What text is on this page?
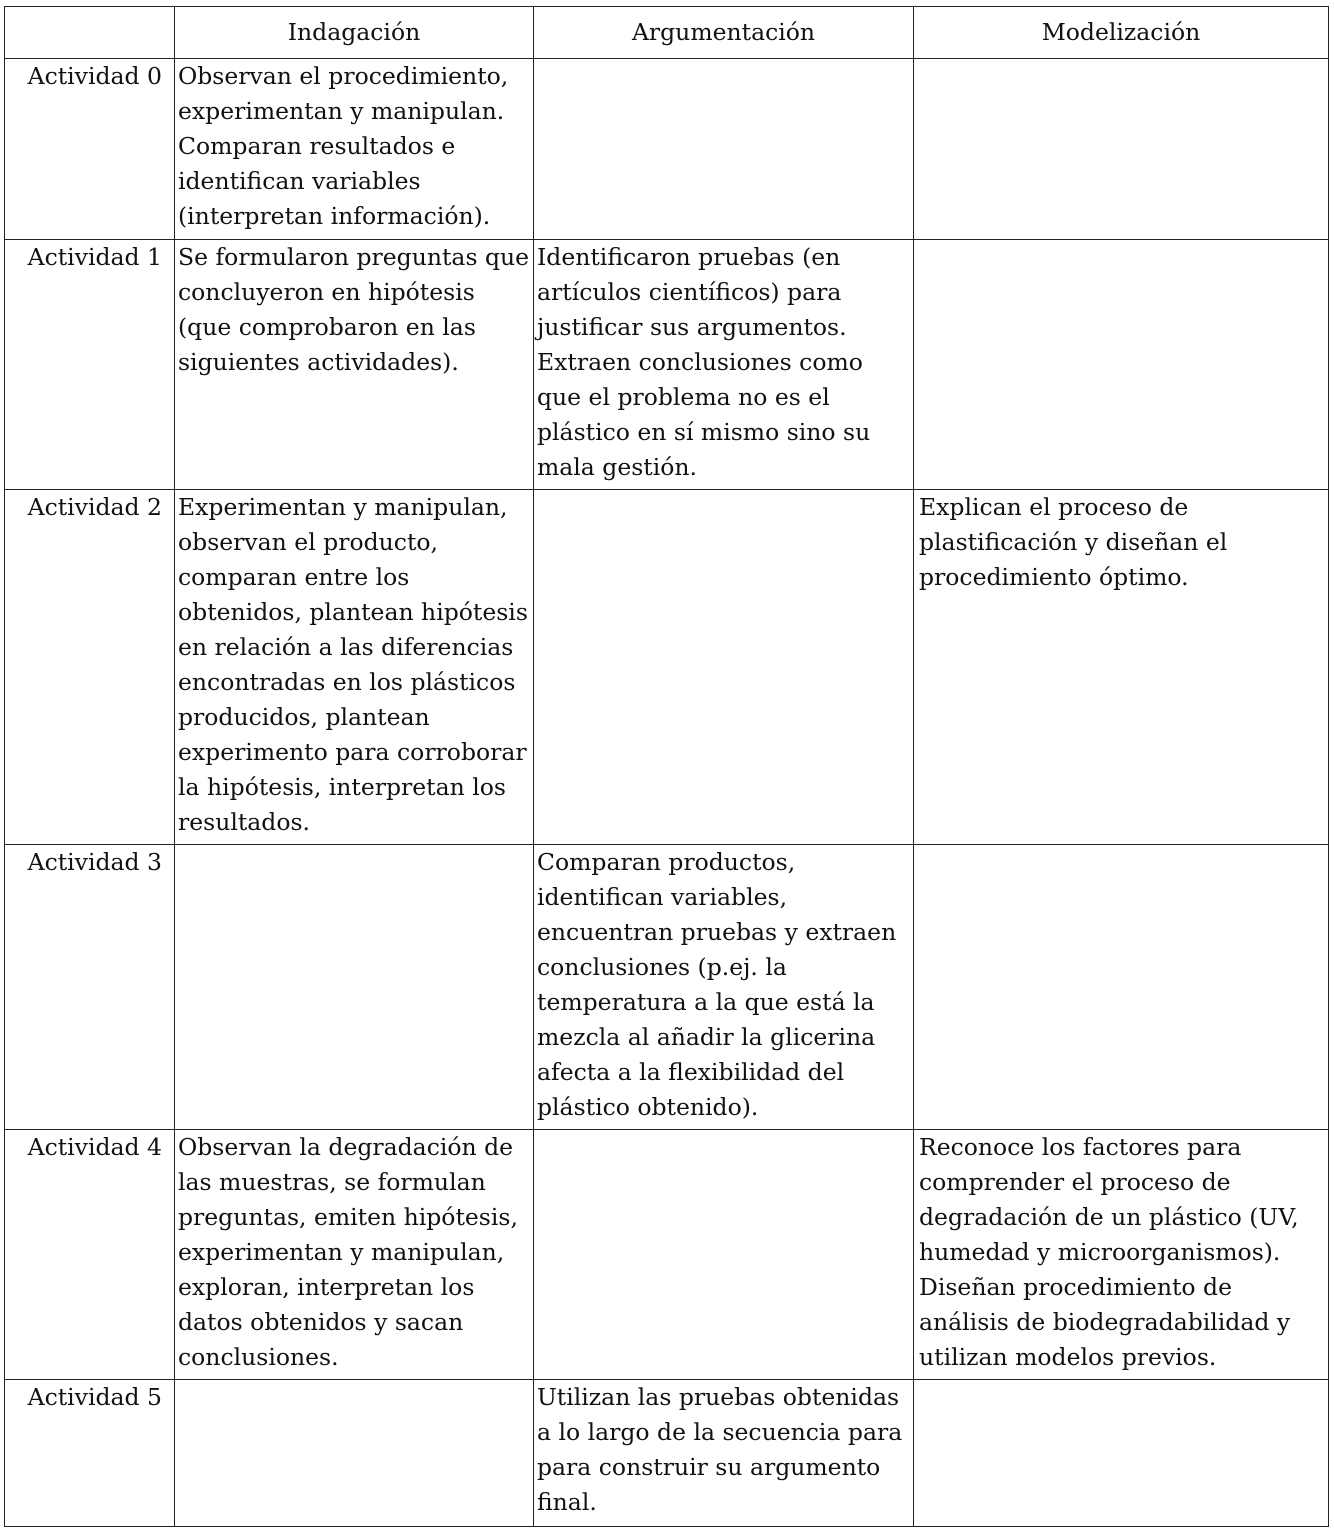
	Indagación	Argumentación	Modelización
Actividad 0	Observan el procedimiento, experimentan y manipulan. Comparan resultados e identifican variables (interpretan información).		
Actividad 1	Se formularon preguntas que concluyeron en hipótesis (que comprobaron en las siguientes actividades).	Identificaron pruebas (en artículos científicos) para justificar sus argumentos. Extraen conclusiones como que el problema no es el plástico en sí mismo sino su mala gestión.	
Actividad 2	Experimentan y manipulan, observan el producto, comparan entre los obtenidos, plantean hipótesis en relación a las diferencias encontradas en los plásticos producidos, plantean experimento para corroborar la hipótesis, interpretan los resultados.		Explican el proceso de plastificación y diseñan el procedimiento óptimo.
Actividad 3		Comparan productos, identifican variables, encuentran pruebas y extraen conclusiones (p.ej. la temperatura a la que está la mezcla al añadir la glicerina afecta a la flexibilidad del plástico obtenido).	
Actividad 4	Observan la degradación de las muestras, se formulan preguntas, emiten hipótesis, experimentan y manipulan, exploran, interpretan los datos obtenidos y sacan conclusiones.		Reconoce los factores para comprender el proceso de degradación de un plástico (UV, humedad y microorganismos). Diseñan procedimiento de análisis de biodegradabilidad y utilizan modelos previos.
Actividad 5		Utilizan las pruebas obtenidas a lo largo de la secuencia para para construir su argumento final.	
